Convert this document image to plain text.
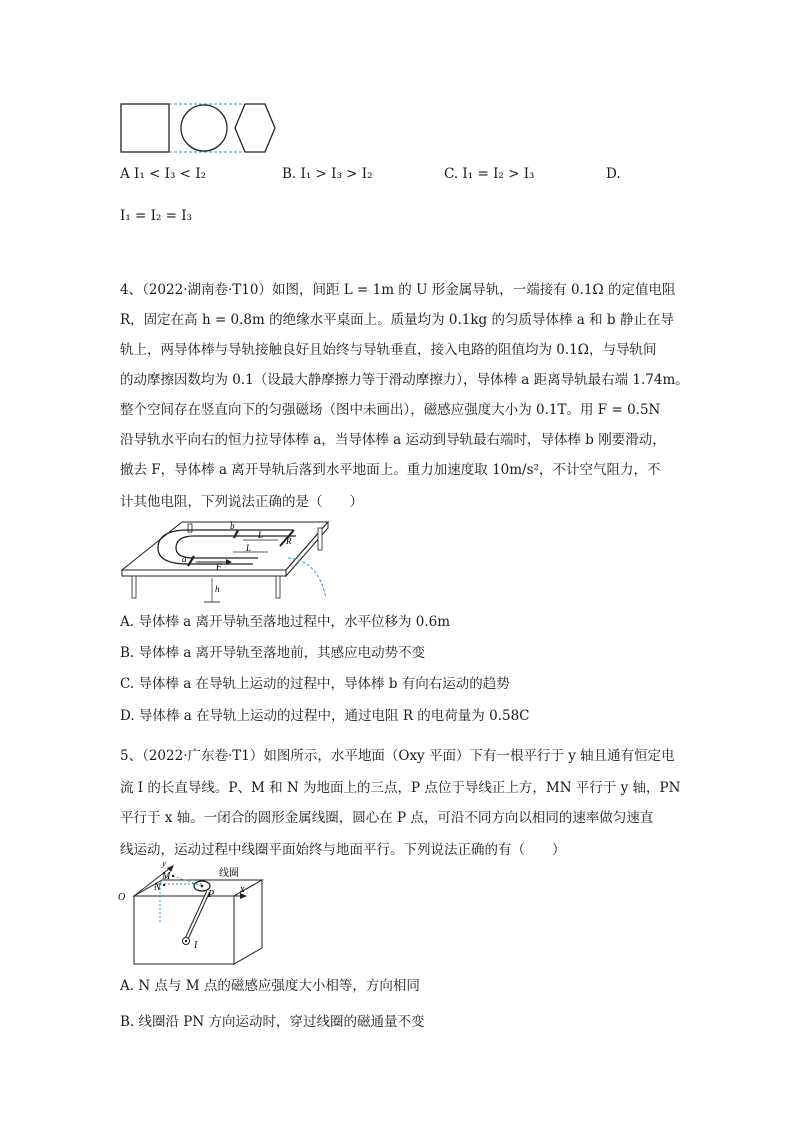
A I₁ < I₃ < I₂	B. I₁ > I₃ > I₂	C. I₁ = I₂ > I₃	D.
I₁ = I₂ = I₃
4、（2022·湖南卷·T10）如图，间距 L = 1m 的 U 形金属导轨，一端接有 0.1Ω 的定值电阻
R，固定在高 h = 0.8m 的绝缘水平桌面上。质量均为 0.1kg 的匀质导体棒 a 和 b 静止在导
轨上，两导体棒与导轨接触良好且始终与导轨垂直，接入电路的阻值均为 0.1Ω，与导轨间
的动摩擦因数均为 0.1（设最大静摩擦力等于滑动摩擦力），导体棒 a 距离导轨最右端 1.74m。
整个空间存在竖直向下的匀强磁场（图中未画出），磁感应强度大小为 0.1T。用 F = 0.5N
沿导轨水平向右的恒力拉导体棒 a，当导体棒 a 运动到导轨最右端时，导体棒 b 刚要滑动，
撤去 F，导体棒 a 离开导轨后落到水平地面上。重力加速度取 10m/s²，不计空气阻力，不
计其他电阻，下列说法正确的是（　　）
a
b
L
L
F
R
h
A. 导体棒 a 离开导轨至落地过程中，水平位移为 0.6m
B. 导体棒 a 离开导轨至落地前，其感应电动势不变
C. 导体棒 a 在导轨上运动的过程中，导体棒 b 有向右运动的趋势
D. 导体棒 a 在导轨上运动的过程中，通过电阻 R 的电荷量为 0.58C
5、（2022·广东卷·T1）如图所示，水平地面（Oxy 平面）下有一根平行于 y 轴且通有恒定电
流 I 的长直导线。P、M 和 N 为地面上的三点，P 点位于导线正上方，MN 平行于 y 轴，PN
平行于 x 轴。一闭合的圆形金属线圈，圆心在 P 点，可沿不同方向以相同的速率做匀速直
线运动，运动过程中线圈平面始终与地面平行。下列说法正确的有（　　）
y
M
N
O
x
P
I
线圈
A. N 点与 M 点的磁感应强度大小相等，方向相同
B. 线圈沿 PN 方向运动时，穿过线圈的磁通量不变
